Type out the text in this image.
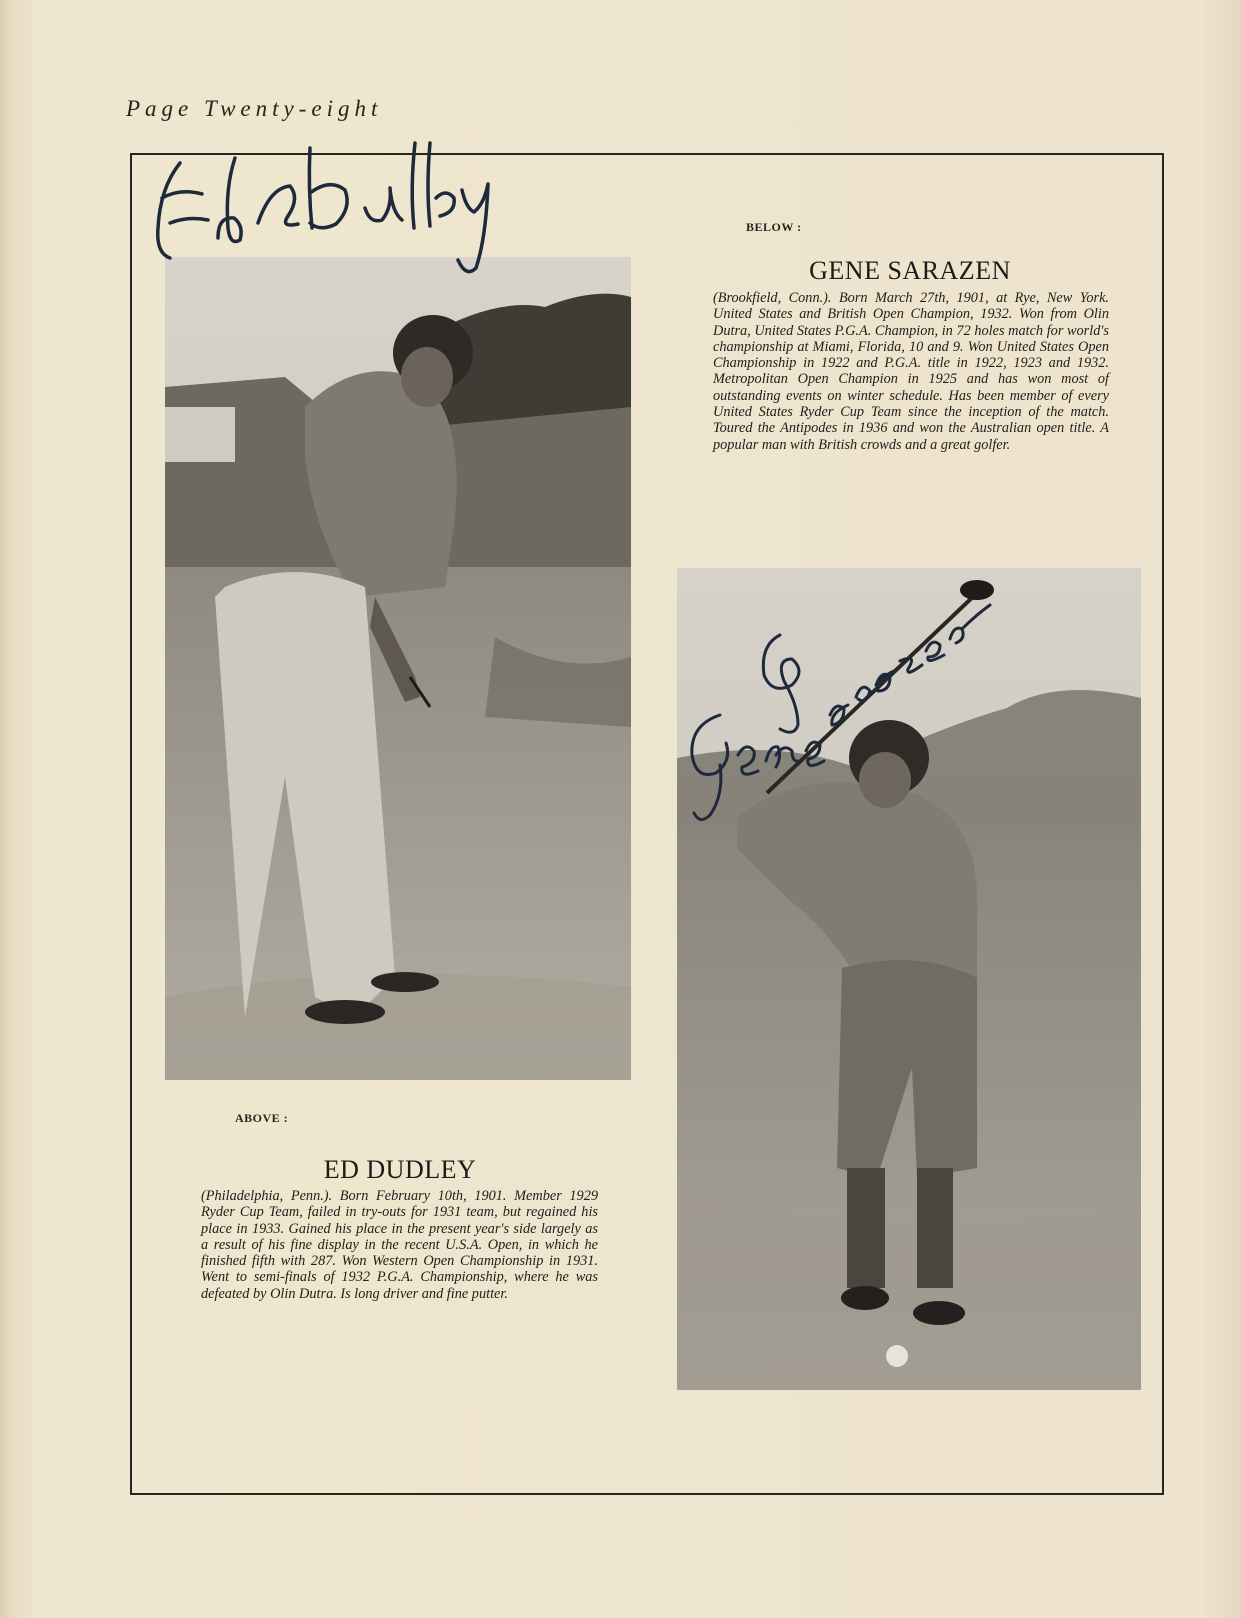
Page Twenty-eight
BELOW :
GENE SARAZEN
(Brookfield, Conn.). Born March 27th, 1901, at Rye, New York. United States and British Open Champion, 1932. Won from Olin Dutra, United States P.G.A. Champion, in 72 holes match for world's championship at Miami, Florida, 10 and 9. Won United States Open Championship in 1922 and P.G.A. title in 1922, 1923 and 1932. Metropolitan Open Champion in 1925 and has won most of outstanding events on winter schedule. Has been member of every United States Ryder Cup Team since the inception of the match. Toured the Antipodes in 1936 and won the Australian open title. A popular man with British crowds and a great golfer.
ABOVE :
ED DUDLEY
(Philadelphia, Penn.). Born February 10th, 1901. Member 1929 Ryder Cup Team, failed in try-outs for 1931 team, but regained his place in 1933. Gained his place in the present year's side largely as a result of his fine display in the recent U.S.A. Open, in which he finished fifth with 287. Won Western Open Championship in 1931. Went to semi-finals of 1932 P.G.A. Championship, where he was defeated by Olin Dutra. Is long driver and fine putter.
